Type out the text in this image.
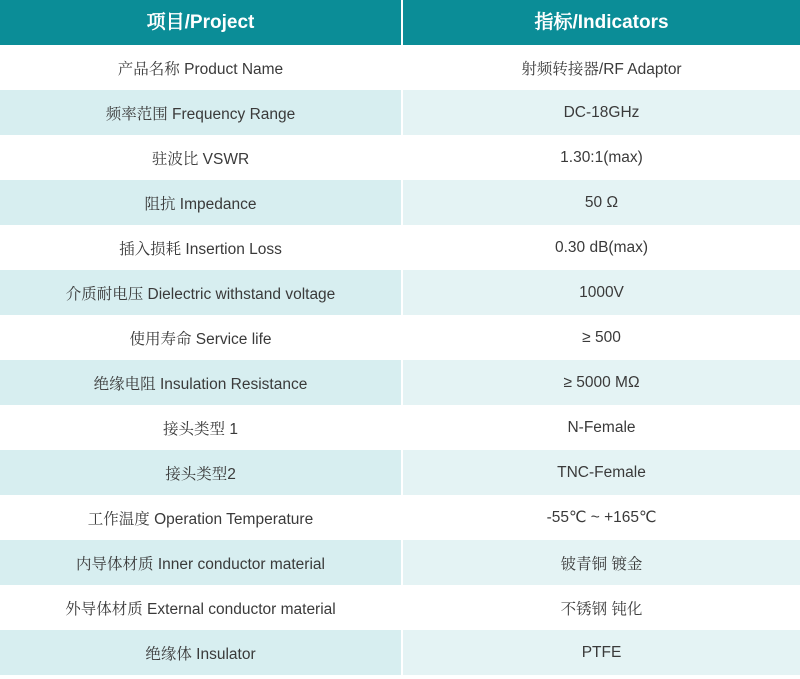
项目/Project	指标/Indicators
产品名称 Product Name	射频转接器/RF Adaptor
频率范围 Frequency Range	DC-18GHz
驻波比 VSWR	1.30:1(max)
阻抗 Impedance	50 Ω
插入损耗 Insertion Loss	0.30 dB(max)
介质耐电压 Dielectric withstand voltage	1000V
使用寿命 Service life	≥ 500
绝缘电阻 Insulation Resistance	≥ 5000 MΩ
接头类型 1	N-Female
接头类型2	TNC-Female
工作温度 Operation Temperature	-55℃ ~ +165℃
内导体材质 Inner conductor material	铍青铜 镀金
外导体材质 External conductor material	不锈钢 钝化
绝缘体 Insulator	PTFE
